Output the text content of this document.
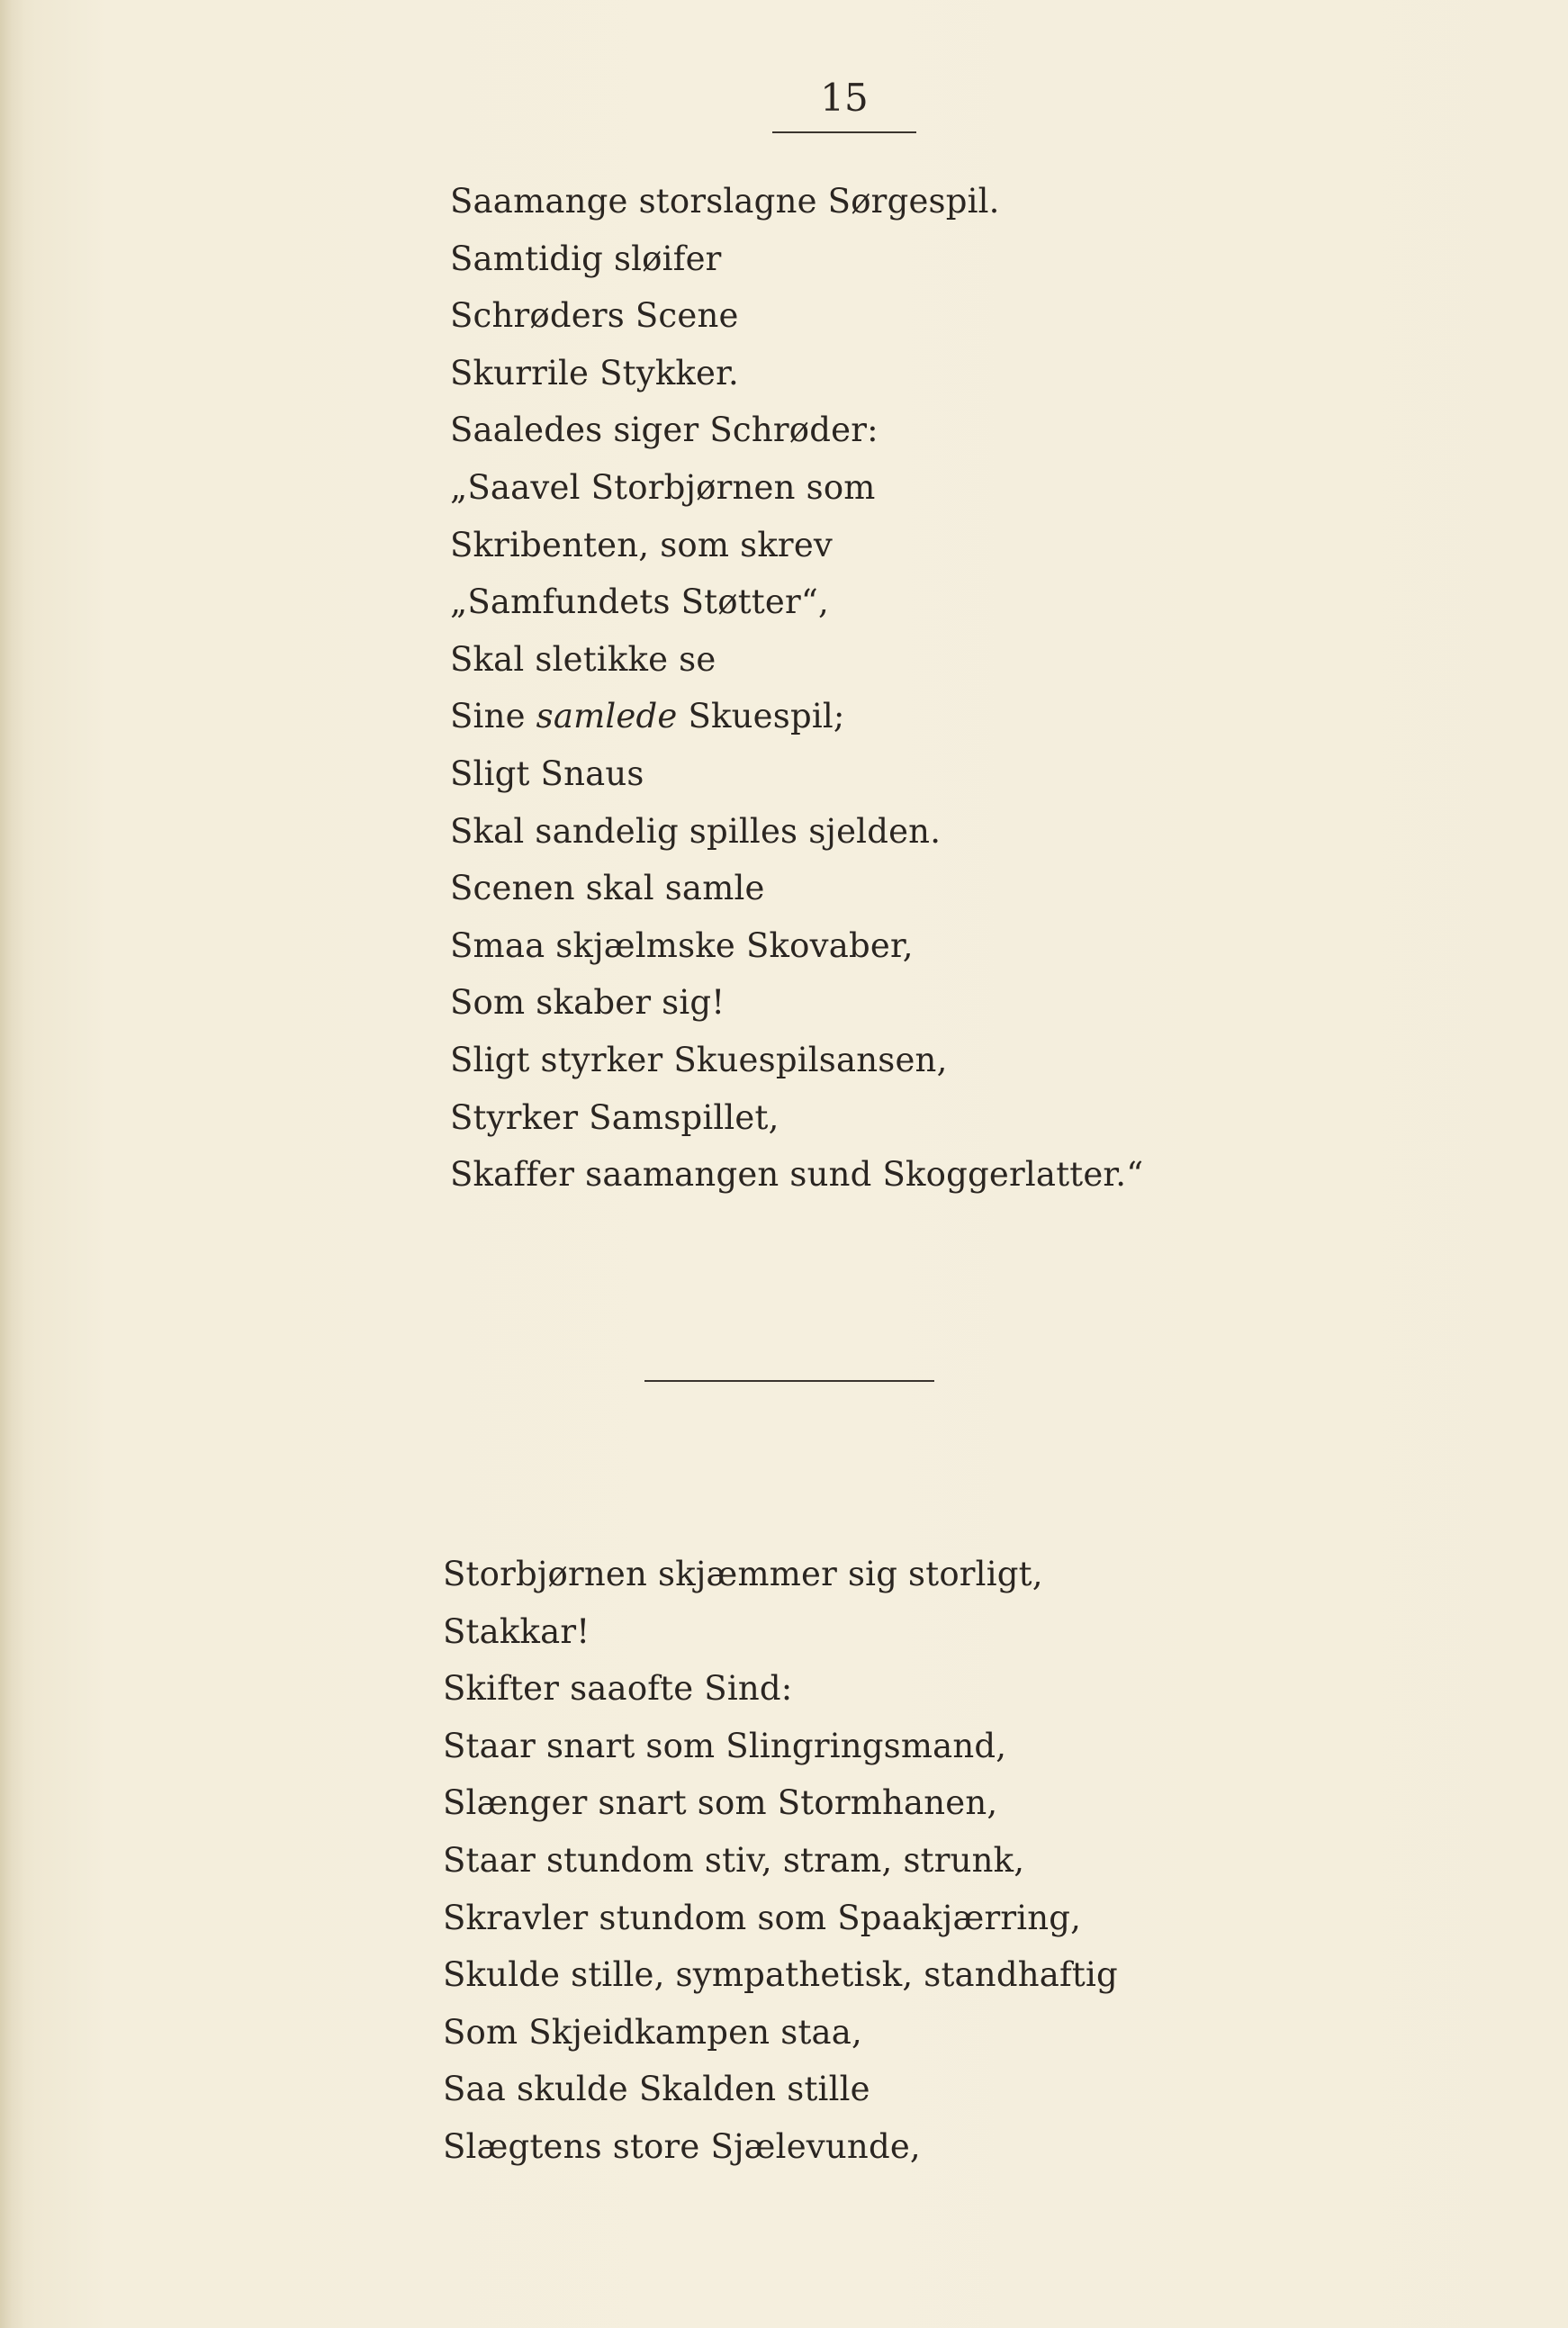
15
Saamange storslagne Sørgespil.
Samtidig sløifer
Schrøders Scene
Skurrile Stykker.
Saaledes siger Schrøder:
„Saavel Storbjørnen som
Skribenten, som skrev
„Samfundets Støtter“,
Skal sletikke se
Sine samlede Skuespil;
Sligt Snaus
Skal sandelig spilles sjelden.
Scenen skal samle
Smaa skjælmske Skovaber,
Som skaber sig!
Sligt styrker Skuespilsansen,
Styrker Samspillet,
Skaffer saamangen sund Skoggerlatter.“
Storbjørnen skjæmmer sig storligt,
Stakkar!
Skifter saaofte Sind:
Staar snart som Slingringsmand,
Slænger snart som Stormhanen,
Staar stundom stiv, stram, strunk,
Skravler stundom som Spaakjærring,
Skulde stille, sympathetisk, standhaftig
Som Skjeidkampen staa,
Saa skulde Skalden stille
Slægtens store Sjælevunde,
